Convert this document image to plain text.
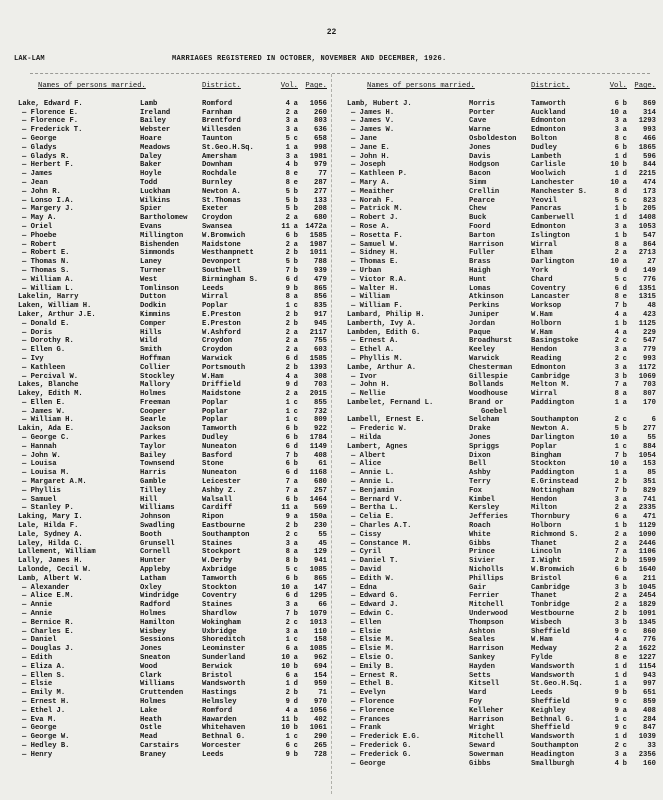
22
LAK-LAM	MARRIAGES REGISTERED IN OCTOBER, NOVEMBER AND DECEMBER, 1926.
Names of persons married.	District.	Vol.	Page.
Lake, Edward F.	Lamb	Romford	4 a	1056
— Florence E.	Ireland	Farnham	2 a	260
— Florence F.	Bailey	Brentford	3 a	803
— Frederick T.	Webster	Willesden	3 a	636
— George	Hoare	Taunton	5 c	658
— Gladys	Meadows	St.Geo.H.Sq.	1 a	998
— Gladys R.	Daley	Amersham	3 a	1981
— Herbert F.	Baker	Downham	4 b	979
— James	Hoyle	Rochdale	8 e	77
— Jean	Todd	Burnley	8 e	287
— John R.	Luckham	Newton A.	5 b	277
— Lonso I.A.	Wilkins	St.Thomas	5 b	133
— Margery J.	Spier	Exeter	5 b	208
— May A.	Bartholomew	Croydon	2 a	680
— Oriel	Evans	Swansea	11 a	1472a
— Phoebe	Millington	W.Bromwich	6 b	1585
— Robert	Bishenden	Maidstone	2 a	1987
— Robert E.	Simmonds	Westhampnett	2 b	1011
— Thomas N.	Laney	Devonport	5 b	788
— Thomas S.	Turner	Southwell	7 b	939
— William A.	West	Birmingham S.	6 d	479
— William L.	Tomlinson	Leeds	9 b	865
Lakelin, Harry	Dutton	Wirral	8 a	856
Laken, William H.	Dodkin	Poplar	1 c	835
Laker, Arthur J.E.	Kimmins	E.Preston	2 b	917
— Donald E.	Comper	E.Preston	2 b	945
— Doris	Hills	W.Ashford	2 a	2117
— Dorothy R.	Wild	Croydon	2 a	755
— Ellen G.	Smith	Croydon	2 a	603
— Ivy	Hoffman	Warwick	6 d	1585
— Kathleen	Collier	Portsmouth	2 b	1393
— Percival W.	Stockley	W.Ham	4 a	308
Lakes, Blanche	Mallory	Driffield	9 d	703
Lakey, Edith M.	Holmes	Maidstone	2 a	2015
— Ellen E.	Freeman	Poplar	1 c	855
— James W.	Cooper	Poplar	1 c	732
— William H.	Searle	Poplar	1 c	809
Lakin, Ada E.	Jackson	Tamworth	6 b	922
— George C.	Parkes	Dudley	6 b	1784
— Hannah	Taylor	Nuneaton	6 d	1149
— John W.	Bailey	Basford	7 b	408
— Louisa	Townsend	Stone	6 b	61
— Louisa M.	Harris	Nuneaton	6 d	1168
— Margaret A.M.	Gamble	Leicester	7 a	680
— Phyllis	Tilley	Ashby Z.	7 a	257
— Samuel	Hill	Walsall	6 b	1464
— Stanley P.	Williams	Cardiff	11 a	569
Laking, Mary I.	Johnson	Ripon	9 a	150a
Lale, Hilda F.	Swadling	Eastbourne	2 b	230
Lale, Sydney A.	Booth	Southampton	2 c	55
Laley, Hilda C.	Grunsell	Staines	3 a	45
Lallement, William	Cornell	Stockport	8 a	129
Lally, James H.	Hunter	W.Derby	8 b	941
Lalonde, Cecil W.	Appleby	Axbridge	5 c	1085
Lamb, Albert W.	Latham	Tamworth	6 b	865
— Alexander	Oxley	Stockton	10 a	147
— Alice E.M.	Windridge	Coventry	6 d	1295
— Annie	Radford	Staines	3 a	66
— Annie	Holmes	Shardlow	7 b	1079
— Bernice R.	Hamilton	Wokingham	2 c	1013
— Charles E.	Wisbey	Uxbridge	3 a	110
— Daniel	Sessions	Shoreditch	1 c	158
— Douglas J.	Jones	Leominster	6 a	1085
— Edith	Sneaton	Sunderland	10 a	962
— Eliza A.	Wood	Berwick	10 b	694
— Ellen S.	Clark	Bristol	6 a	154
— Elsie	Williams	Wandsworth	1 d	959
— Emily M.	Cruttenden	Hastings	2 b	71
— Ernest H.	Holmes	Helmsley	9 d	970
— Ethel J.	Lake	Romford	4 a	1056
— Eva M.	Heath	Hawarden	11 b	402
— George	Ostle	Whitehaven	10 b	1061
— George W.	Mead	Bethnal G.	1 c	290
— Hedley B.	Carstairs	Worcester	6 c	265
— Henry	Braney	Leeds	9 b	728
Names of persons married.	District.	Vol.	Page.
Lamb, Hubert J.	Morris	Tamworth	6 b	869
— James H.	Porter	Auckland	10 a	314
— James V.	Cave	Edmonton	3 a	1293
— James W.	Warne	Edmonton	3 a	993
— Jane	Osboldeston	Bolton	8 c	466
— Jane E.	Jones	Dudley	6 b	1865
— John H.	Davis	Lambeth	1 d	596
— Joseph	Hodgson	Carlisle	10 b	844
— Kathleen P.	Bacon	Woolwich	1 d	2215
— Mary A.	Simm	Lanchester	10 a	474
— Meaither	Crellin	Manchester S.	8 d	173
— Norah F.	Pearce	Yeovil	5 c	823
— Patrick M.	Chew	Pancras	1 b	205
— Robert J.	Buck	Camberwell	1 d	1408
— Rose A.	Foord	Edmonton	3 a	1053
— Rosetta F.	Barton	Islington	1 b	547
— Samuel W.	Harrison	Wirral	8 a	864
— Sidney H.	Fuller	Elham	2 a	2713
— Thomas E.	Brass	Darlington	10 a	27
— Urban	Haigh	York	9 d	149
— Victor R.A.	Hunt	Chard	5 c	776
— Walter H.	Lomas	Coventry	6 d	1351
— William	Atkinson	Lancaster	8 e	1315
— William F.	Perkins	Worksop	7 b	48
Lambard, Philip H.	Juniper	W.Ham	4 a	423
Lamberth, Ivy A.	Jordan	Holborn	1 b	1125
Lambden, Edith G.	Paque	W.Ham	4 a	229
— Ernest A.	Broadhurst	Basingstoke	2 c	547
— Ethel A.	Keeley	Hendon	3 a	779
— Phyllis M.	Warwick	Reading	2 c	993
Lambe, Arthur A.	Chesterman	Edmonton	3 a	1172
— Ivor	Gillespie	Cambridge	3 b	1069
— John H.	Bollands	Melton M.	7 a	703
— Nellie	Woodhouse	Wirral	8 a	807
Lambelet, Fernand L.	Brand or	Paddington	1 a	170
Goebel
Lambell, Ernest E.	Selcham	Southampton	2 c	6
— Frederic W.	Drake	Newton A.	5 b	277
— Hilda	Jones	Darlington	10 a	55
Lambert, Agnes	Spriggs	Poplar	1 c	884
— Albert	Dixon	Bingham	7 b	1054
— Alice	Bell	Stockton	10 a	153
— Annie L.	Ashby	Paddington	1 a	85
— Annie L.	Terry	E.Grinstead	2 b	351
— Benjamin	Fox	Nottingham	7 b	829
— Bernard V.	Kimbel	Hendon	3 a	741
— Bertha L.	Kersley	Milton	2 a	2335
— Celia E.	Jefferies	Thornbury	6 a	471
— Charles A.T.	Roach	Holborn	1 b	1129
— Cissy	White	Richmond S.	2 a	1090
— Constance M.	Gibbs	Thanet	2 a	2446
— Cyril	Prince	Lincoln	7 a	1106
— Daniel T.	Sivier	I.Wight	2 b	1599
— David	Nicholls	W.Bromwich	6 b	1640
— Edith W.	Phillips	Bristol	6 a	211
— Edna	Gair	Cambridge	3 b	1045
— Edward G.	Ferrier	Thanet	2 a	2454
— Edward J.	Mitchell	Tonbridge	2 a	1829
— Edwin C.	Underwood	Westbourne	2 b	1091
— Ellen	Thompson	Wisbech	3 b	1345
— Elsie	Ashton	Sheffield	9 c	860
— Elsie M.	Seales	W.Ham	4 a	776
— Elsie M.	Harrison	Medway	2 a	1622
— Elsie O.	Sankey	Fylde	8 e	1227
— Emily B.	Hayden	Wandsworth	1 d	1154
— Ernest R.	Setts	Wandsworth	1 d	943
— Ethel B.	Kitsell	St.Geo.H.Sq.	1 a	997
— Evelyn	Ward	Leeds	9 b	651
— Florence	Foy	Sheffield	9 c	859
— Florence	Kelleher	Keighley	9 a	408
— Frances	Harrison	Bethnal G.	1 c	284
— Frank	Wright	Sheffield	9 c	847
— Frederick E.G.	Mitchell	Wandsworth	1 d	1039
— Frederick G.	Seward	Southampton	2 c	33
— Frederick G.	Sowerman	Headington	3 a	2356
— George	Gibbs	Smallburgh	4 b	160
